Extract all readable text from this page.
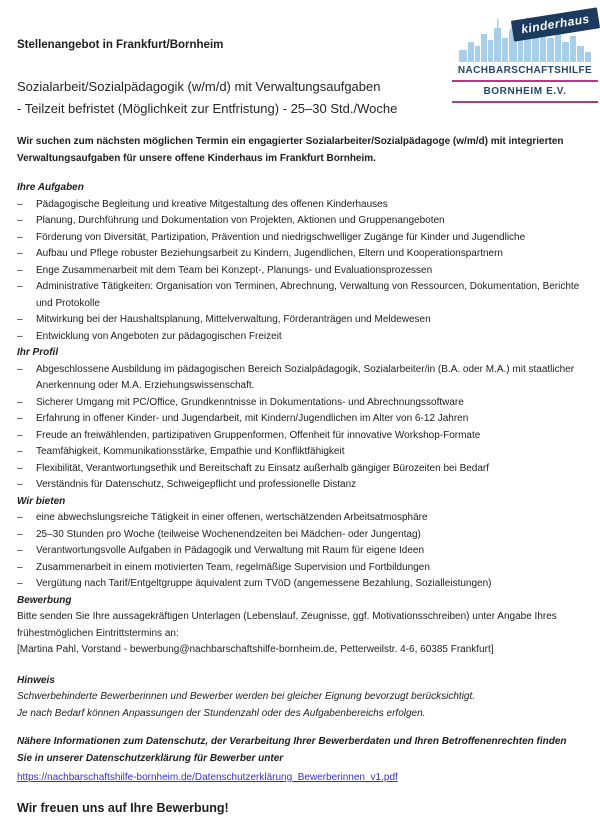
kinderhaus
NACHBARSCHAFTSHILFE
BORNHEIM E.V.
Stellenangebot in Frankfurt/Bornheim
Sozialarbeit/Sozialpädagogik (w/m/d) mit Verwaltungsaufgaben
- Teilzeit befristet (Möglichkeit zur Entfristung) - 25–30 Std./Woche

Wir suchen zum nächsten möglichen Termin ein engagierter Sozialarbeiter/Sozialpädagoge (w/m/d) mit integrierten Verwaltungsaufgaben für unsere offene Kinderhaus im Frankfurt Bornheim.

Ihre Aufgaben
– Pädagogische Begleitung und kreative Mitgestaltung des offenen Kinderhauses
– Planung, Durchführung und Dokumentation von Projekten, Aktionen und Gruppenangeboten
– Förderung von Diversität, Partizipation, Prävention und niedrigschwelliger Zugänge für Kinder und Jugendliche
– Aufbau und Pflege robuster Beziehungsarbeit zu Kindern, Jugendlichen, Eltern und Kooperationspartnern
– Enge Zusammenarbeit mit dem Team bei Konzept-, Planungs- und Evaluationsprozessen
– Administrative Tätigkeiten: Organisation von Terminen, Abrechnung, Verwaltung von Ressourcen, Dokumentation, Berichte und Protokolle
– Mitwirkung bei der Haushaltsplanung, Mittelverwaltung, Förderanträgen und Meldewesen
– Entwicklung von Angeboten zur pädagogischen Freizeit
Ihr Profil
– Abgeschlossene Ausbildung im pädagogischen Bereich Sozialpädagogik, Sozialarbeiter/in (B.A. oder M.A.) mit staatlicher Anerkennung oder M.A. Erziehungswissenschaft.
– Sicherer Umgang mit PC/Office, Grundkenntnisse in Dokumentations- und Abrechnungssoftware
– Erfahrung in offener Kinder- und Jugendarbeit, mit Kindern/Jugendlichen im Alter von 6-12 Jahren
– Freude an freiwählenden, partizipativen Gruppenformen, Offenheit für innovative Workshop-Formate
– Teamfähigkeit, Kommunikationsstärke, Empathie und Konfliktfähigkeit
– Flexibilität, Verantwortungsethik und Bereitschaft zu Einsatz außerhalb gängiger Bürozeiten bei Bedarf
– Verständnis für Datenschutz, Schweigepflicht und professionelle Distanz
Wir bieten
– eine abwechslungsreiche Tätigkeit in einer offenen, wertschätzenden Arbeitsatmosphäre
– 25–30 Stunden pro Woche (teilweise Wochenendzeiten bei Mädchen- oder Jungentag)
– Verantwortungsvolle Aufgaben in Pädagogik und Verwaltung mit Raum für eigene Ideen
– Zusammenarbeit in einem motivierten Team, regelmäßige Supervision und Fortbildungen
– Vergütung nach Tarif/Entgeltgruppe äquivalent zum TVöD (angemessene Bezahlung, Sozialleistungen)
Bewerbung

Bitte senden Sie Ihre aussagekräftigen Unterlagen (Lebenslauf, Zeugnisse, ggf. Motivationsschreiben) unter Angabe Ihres frühestmöglichen Eintrittstermins an:

[Martina Pahl, Vorstand - bewerbung@nachbarschaftshilfe-bornheim.de, Petterweilstr. 4-6, 60385 Frankfurt]

Hinweis

Schwerbehinderte Bewerberinnen und Bewerber werden bei gleicher Eignung bevorzugt berücksichtigt.

Je nach Bedarf können Anpassungen der Stundenzahl oder des Aufgabenbereichs erfolgen.

Nähere Informationen zum Datenschutz, der Verarbeitung Ihrer Bewerberdaten und Ihren Betroffenenrechten finden Sie in unserer Datenschutzerklärung für Bewerber unter

https://nachbarschaftshilfe-bornheim.de/Datenschutzerklärung_Bewerberinnen_v1.pdf

Wir freuen uns auf Ihre Bewerbung!
